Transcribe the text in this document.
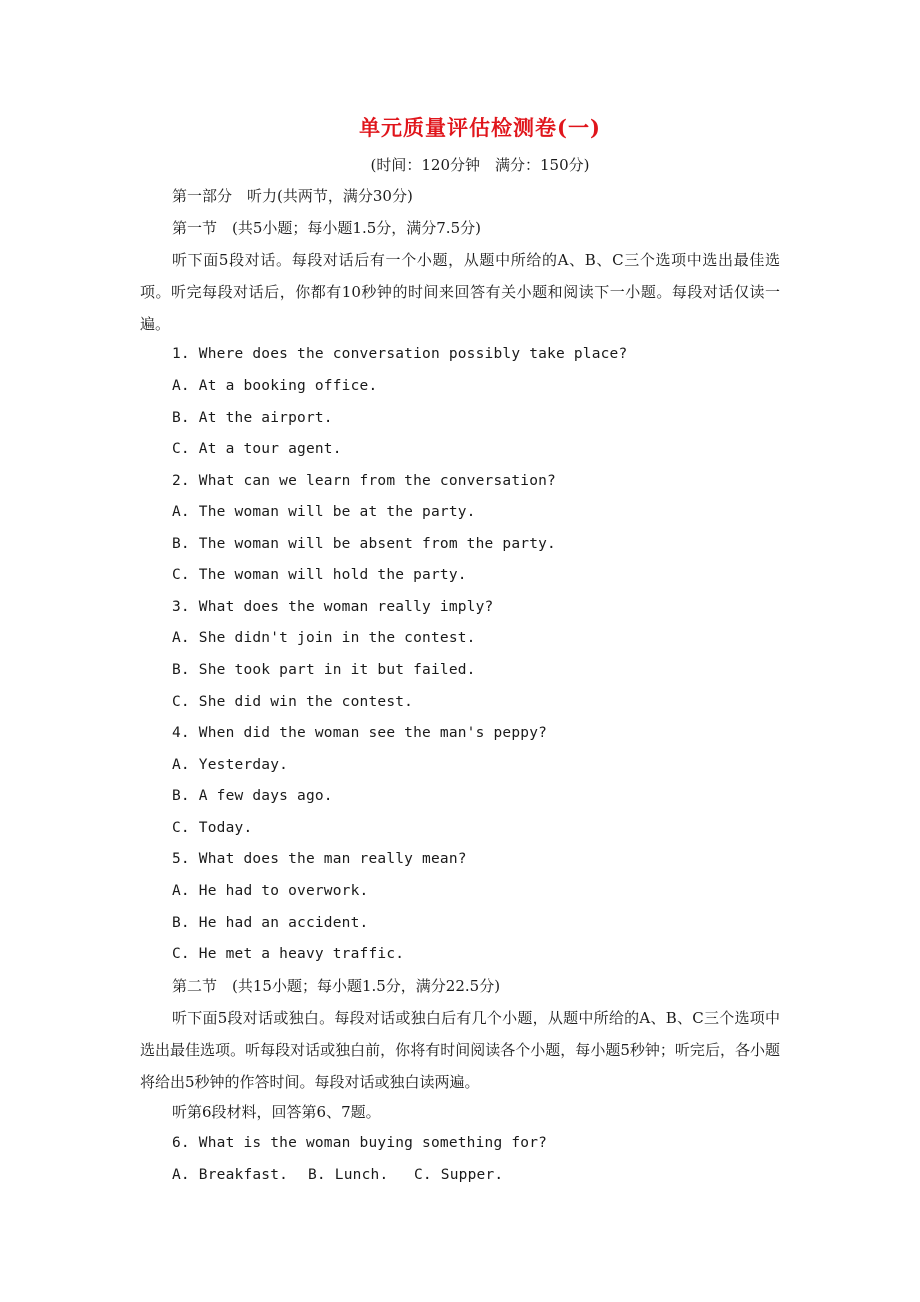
单元质量评估检测卷(一)
(时间：120分钟　满分：150分)
第一部分　听力(共两节，满分30分)
第一节　(共5小题；每小题1.5分，满分7.5分)
听下面5段对话。每段对话后有一个小题，从题中所给的A、B、C三个选项中选出最佳选项。听完每段对话后，你都有10秒钟的时间来回答有关小题和阅读下一小题。每段对话仅读一遍。
1. Where does the conversation possibly take place?
A. At a booking office.
B. At the airport.
C. At a tour agent.
2. What can we learn from the conversation?
A. The woman will be at the party.
B. The woman will be absent from the party.
C. The woman will hold the party.
3. What does the woman really imply?
A. She didn't join in the contest.
B. She took part in it but failed.
C. She did win the contest.
4. When did the woman see the man's peppy?
A. Yesterday.
B. A few days ago.
C. Today.
5. What does the man really mean?
A. He had to overwork.
B. He had an accident.
C. He met a heavy traffic.
第二节　(共15小题；每小题1.5分，满分22.5分)
听下面5段对话或独白。每段对话或独白后有几个小题，从题中所给的A、B、C三个选项中选出最佳选项。听每段对话或独白前，你将有时间阅读各个小题，每小题5秒钟；听完后，各小题将给出5秒钟的作答时间。每段对话或独白读两遍。
听第6段材料，回答第6、7题。
6. What is the woman buying something for?
A. Breakfast. B. Lunch. C. Supper.
